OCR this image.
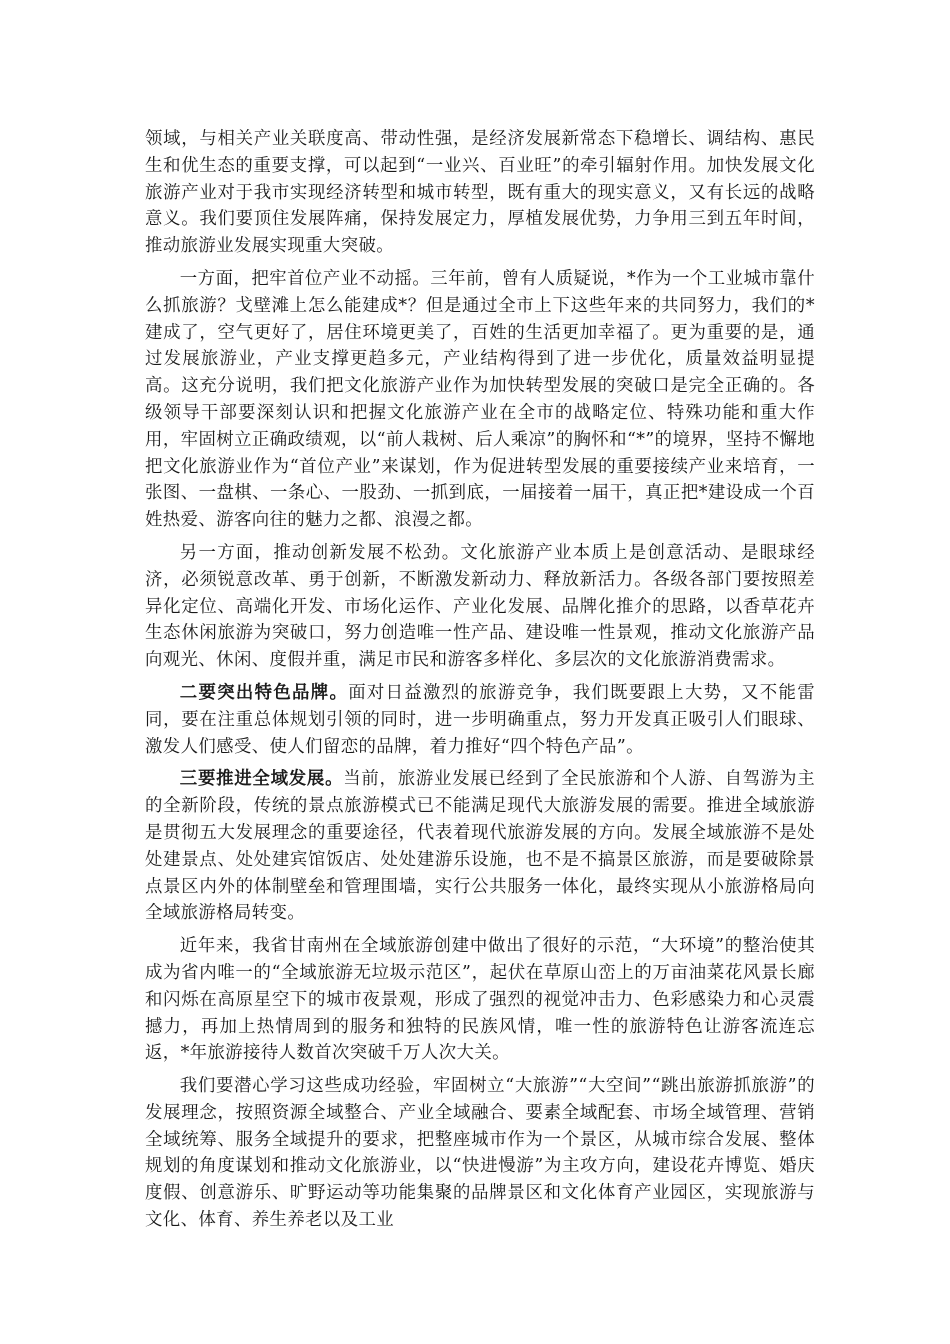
领域，与相关产业关联度高、带动性强，是经济发展新常态下稳增长、调结构、惠民生和优生态的重要支撑，可以起到“一业兴、百业旺”的牵引辐射作用。加快发展文化旅游产业对于我市实现经济转型和城市转型，既有重大的现实意义，又有长远的战略意义。我们要顶住发展阵痛，保持发展定力，厚植发展优势，力争用三到五年时间，推动旅游业发展实现重大突破。

一方面，把牢首位产业不动摇。三年前，曾有人质疑说，*作为一个工业城市靠什么抓旅游？戈壁滩上怎么能建成*？但是通过全市上下这些年来的共同努力，我们的*建成了，空气更好了，居住环境更美了，百姓的生活更加幸福了。更为重要的是，通过发展旅游业，产业支撑更趋多元，产业结构得到了进一步优化，质量效益明显提高。这充分说明，我们把文化旅游产业作为加快转型发展的突破口是完全正确的。各级领导干部要深刻认识和把握文化旅游产业在全市的战略定位、特殊功能和重大作用，牢固树立正确政绩观，以“前人栽树、后人乘凉”的胸怀和“*”的境界，坚持不懈地把文化旅游业作为“首位产业”来谋划，作为促进转型发展的重要接续产业来培育，一张图、一盘棋、一条心、一股劲、一抓到底，一届接着一届干，真正把*建设成一个百姓热爱、游客向往的魅力之都、浪漫之都。

另一方面，推动创新发展不松劲。文化旅游产业本质上是创意活动、是眼球经济，必须锐意改革、勇于创新，不断激发新动力、释放新活力。各级各部门要按照差异化定位、高端化开发、市场化运作、产业化发展、品牌化推介的思路，以香草花卉生态休闲旅游为突破口，努力创造唯一性产品、建设唯一性景观，推动文化旅游产品向观光、休闲、度假并重，满足市民和游客多样化、多层次的文化旅游消费需求。

二要突出特色品牌。面对日益激烈的旅游竞争，我们既要跟上大势，又不能雷同，要在注重总体规划引领的同时，进一步明确重点，努力开发真正吸引人们眼球、激发人们感受、使人们留恋的品牌，着力推好“四个特色产品”。

三要推进全域发展。当前，旅游业发展已经到了全民旅游和个人游、自驾游为主的全新阶段，传统的景点旅游模式已不能满足现代大旅游发展的需要。推进全域旅游是贯彻五大发展理念的重要途径，代表着现代旅游发展的方向。发展全域旅游不是处处建景点、处处建宾馆饭店、处处建游乐设施，也不是不搞景区旅游，而是要破除景点景区内外的体制壁垒和管理围墙，实行公共服务一体化，最终实现从小旅游格局向全域旅游格局转变。

近年来，我省甘南州在全域旅游创建中做出了很好的示范，“大环境”的整治使其成为省内唯一的“全域旅游无垃圾示范区”，起伏在草原山峦上的万亩油菜花风景长廊和闪烁在高原星空下的城市夜景观，形成了强烈的视觉冲击力、色彩感染力和心灵震撼力，再加上热情周到的服务和独特的民族风情，唯一性的旅游特色让游客流连忘返，*年旅游接待人数首次突破千万人次大关。

我们要潜心学习这些成功经验，牢固树立“大旅游”“大空间”“跳出旅游抓旅游”的发展理念，按照资源全域整合、产业全域融合、要素全域配套、市场全域管理、营销全域统筹、服务全域提升的要求，把整座城市作为一个景区，从城市综合发展、整体规划的角度谋划和推动文化旅游业，以“快进慢游”为主攻方向，建设花卉博览、婚庆度假、创意游乐、旷野运动等功能集聚的品牌景区和文化体育产业园区，实现旅游与文化、体育、养生养老以及工业
